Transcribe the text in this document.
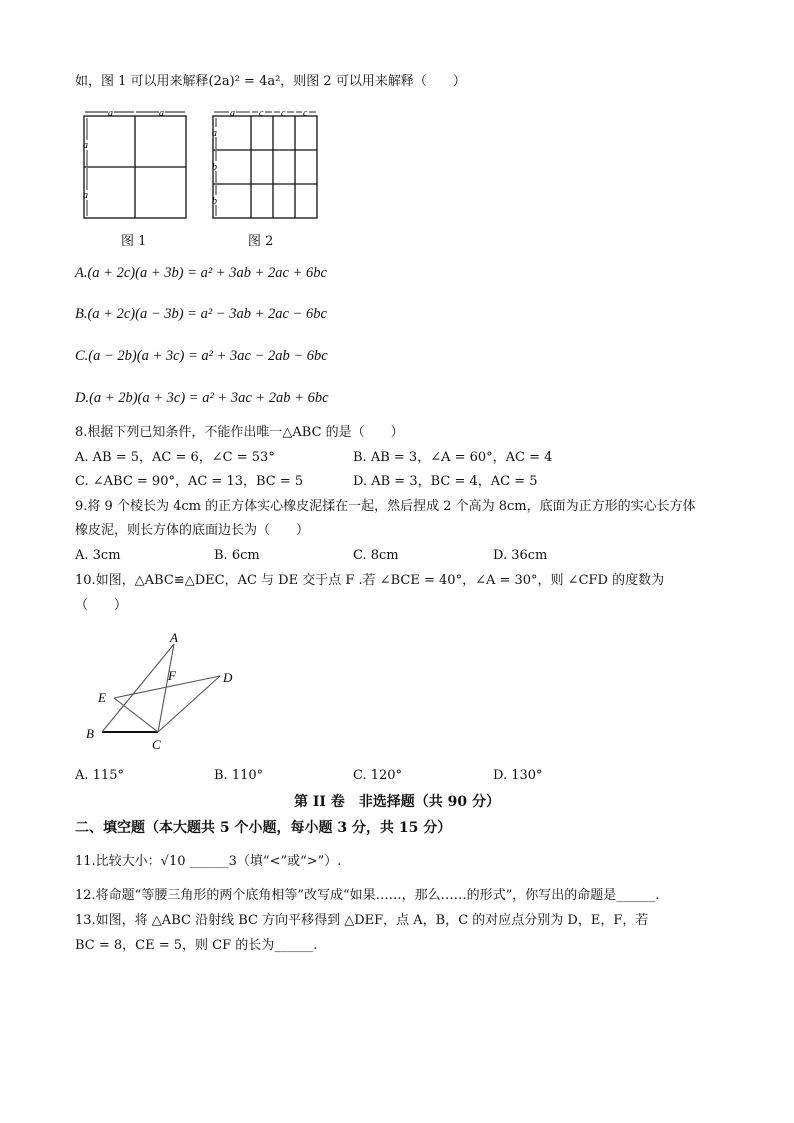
如，图 1 可以用来解释(2a)² = 4a²，则图 2 可以用来解释（　　）
a	a
a
a
图 1
a c c c
a
b
b
图 2
A.(a + 2c)(a + 3b) = a² + 3ab + 2ac + 6bc
B.(a + 2c)(a − 3b) = a² − 3ab + 2ac − 6bc
C.(a − 2b)(a + 3c) = a² + 3ac − 2ab − 6bc
D.(a + 2b)(a + 3c) = a² + 3ac + 2ab + 6bc
8.根据下列已知条件，不能作出唯一△ABC 的是（　　）
A. AB = 5，AC = 6，∠C = 53°	B. AB = 3，∠A = 60°，AC = 4
C. ∠ABC = 90°，AC = 13，BC = 5	D. AB = 3，BC = 4，AC = 5
9.将 9 个棱长为 4cm 的正方体实心橡皮泥揉在一起，然后捏成 2 个高为 8cm，底面为正方形的实心长方体
橡皮泥，则长方体的底面边长为（　　）
A. 3cm	B. 6cm	C. 8cm	D. 36cm
10.如图，△ABC≌△DEC，AC 与 DE 交于点 F .若 ∠BCE = 40°，∠A = 30°，则 ∠CFD 的度数为
（　　）
A
F	D
E
B
C
A. 115°	B. 110°	C. 120°	D. 130°
第 II 卷　非选择题（共 90 分）
二、填空题（本大题共 5 个小题，每小题 3 分，共 15 分）
11.比较大小：√10 ______3（填“<”或“>”）.
12.将命题“等腰三角形的两个底角相等”改写成“如果……，那么……的形式”，你写出的命题是______.
13.如图，将 △ABC 沿射线 BC 方向平移得到 △DEF，点 A，B，C 的对应点分别为 D，E，F，若
BC = 8，CE = 5，则 CF 的长为______.
